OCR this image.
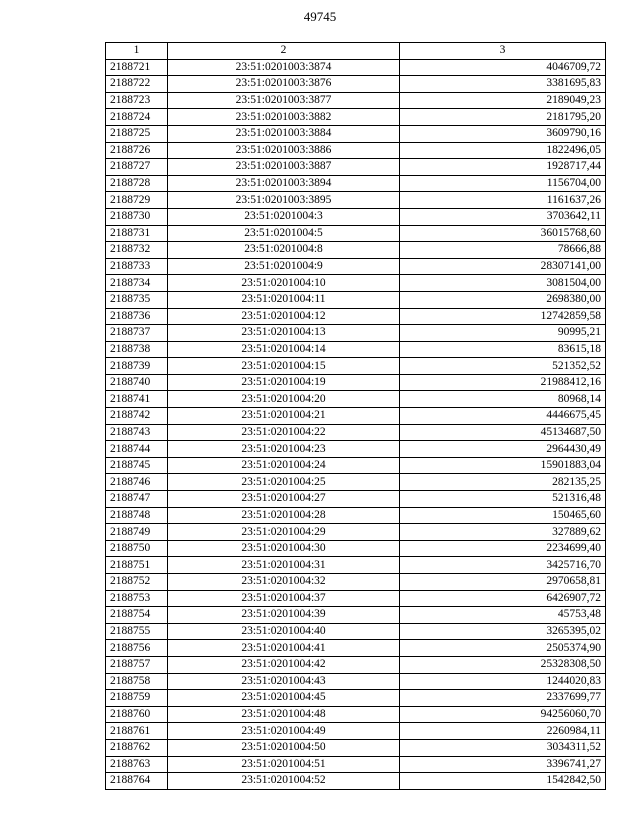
49745
1	2	3
2188721	23:51:0201003:3874	4046709,72
2188722	23:51:0201003:3876	3381695,83
2188723	23:51:0201003:3877	2189049,23
2188724	23:51:0201003:3882	2181795,20
2188725	23:51:0201003:3884	3609790,16
2188726	23:51:0201003:3886	1822496,05
2188727	23:51:0201003:3887	1928717,44
2188728	23:51:0201003:3894	1156704,00
2188729	23:51:0201003:3895	1161637,26
2188730	23:51:0201004:3	3703642,11
2188731	23:51:0201004:5	36015768,60
2188732	23:51:0201004:8	78666,88
2188733	23:51:0201004:9	28307141,00
2188734	23:51:0201004:10	3081504,00
2188735	23:51:0201004:11	2698380,00
2188736	23:51:0201004:12	12742859,58
2188737	23:51:0201004:13	90995,21
2188738	23:51:0201004:14	83615,18
2188739	23:51:0201004:15	521352,52
2188740	23:51:0201004:19	21988412,16
2188741	23:51:0201004:20	80968,14
2188742	23:51:0201004:21	4446675,45
2188743	23:51:0201004:22	45134687,50
2188744	23:51:0201004:23	2964430,49
2188745	23:51:0201004:24	15901883,04
2188746	23:51:0201004:25	282135,25
2188747	23:51:0201004:27	521316,48
2188748	23:51:0201004:28	150465,60
2188749	23:51:0201004:29	327889,62
2188750	23:51:0201004:30	2234699,40
2188751	23:51:0201004:31	3425716,70
2188752	23:51:0201004:32	2970658,81
2188753	23:51:0201004:37	6426907,72
2188754	23:51:0201004:39	45753,48
2188755	23:51:0201004:40	3265395,02
2188756	23:51:0201004:41	2505374,90
2188757	23:51:0201004:42	25328308,50
2188758	23:51:0201004:43	1244020,83
2188759	23:51:0201004:45	2337699,77
2188760	23:51:0201004:48	94256060,70
2188761	23:51:0201004:49	2260984,11
2188762	23:51:0201004:50	3034311,52
2188763	23:51:0201004:51	3396741,27
2188764	23:51:0201004:52	1542842,50
